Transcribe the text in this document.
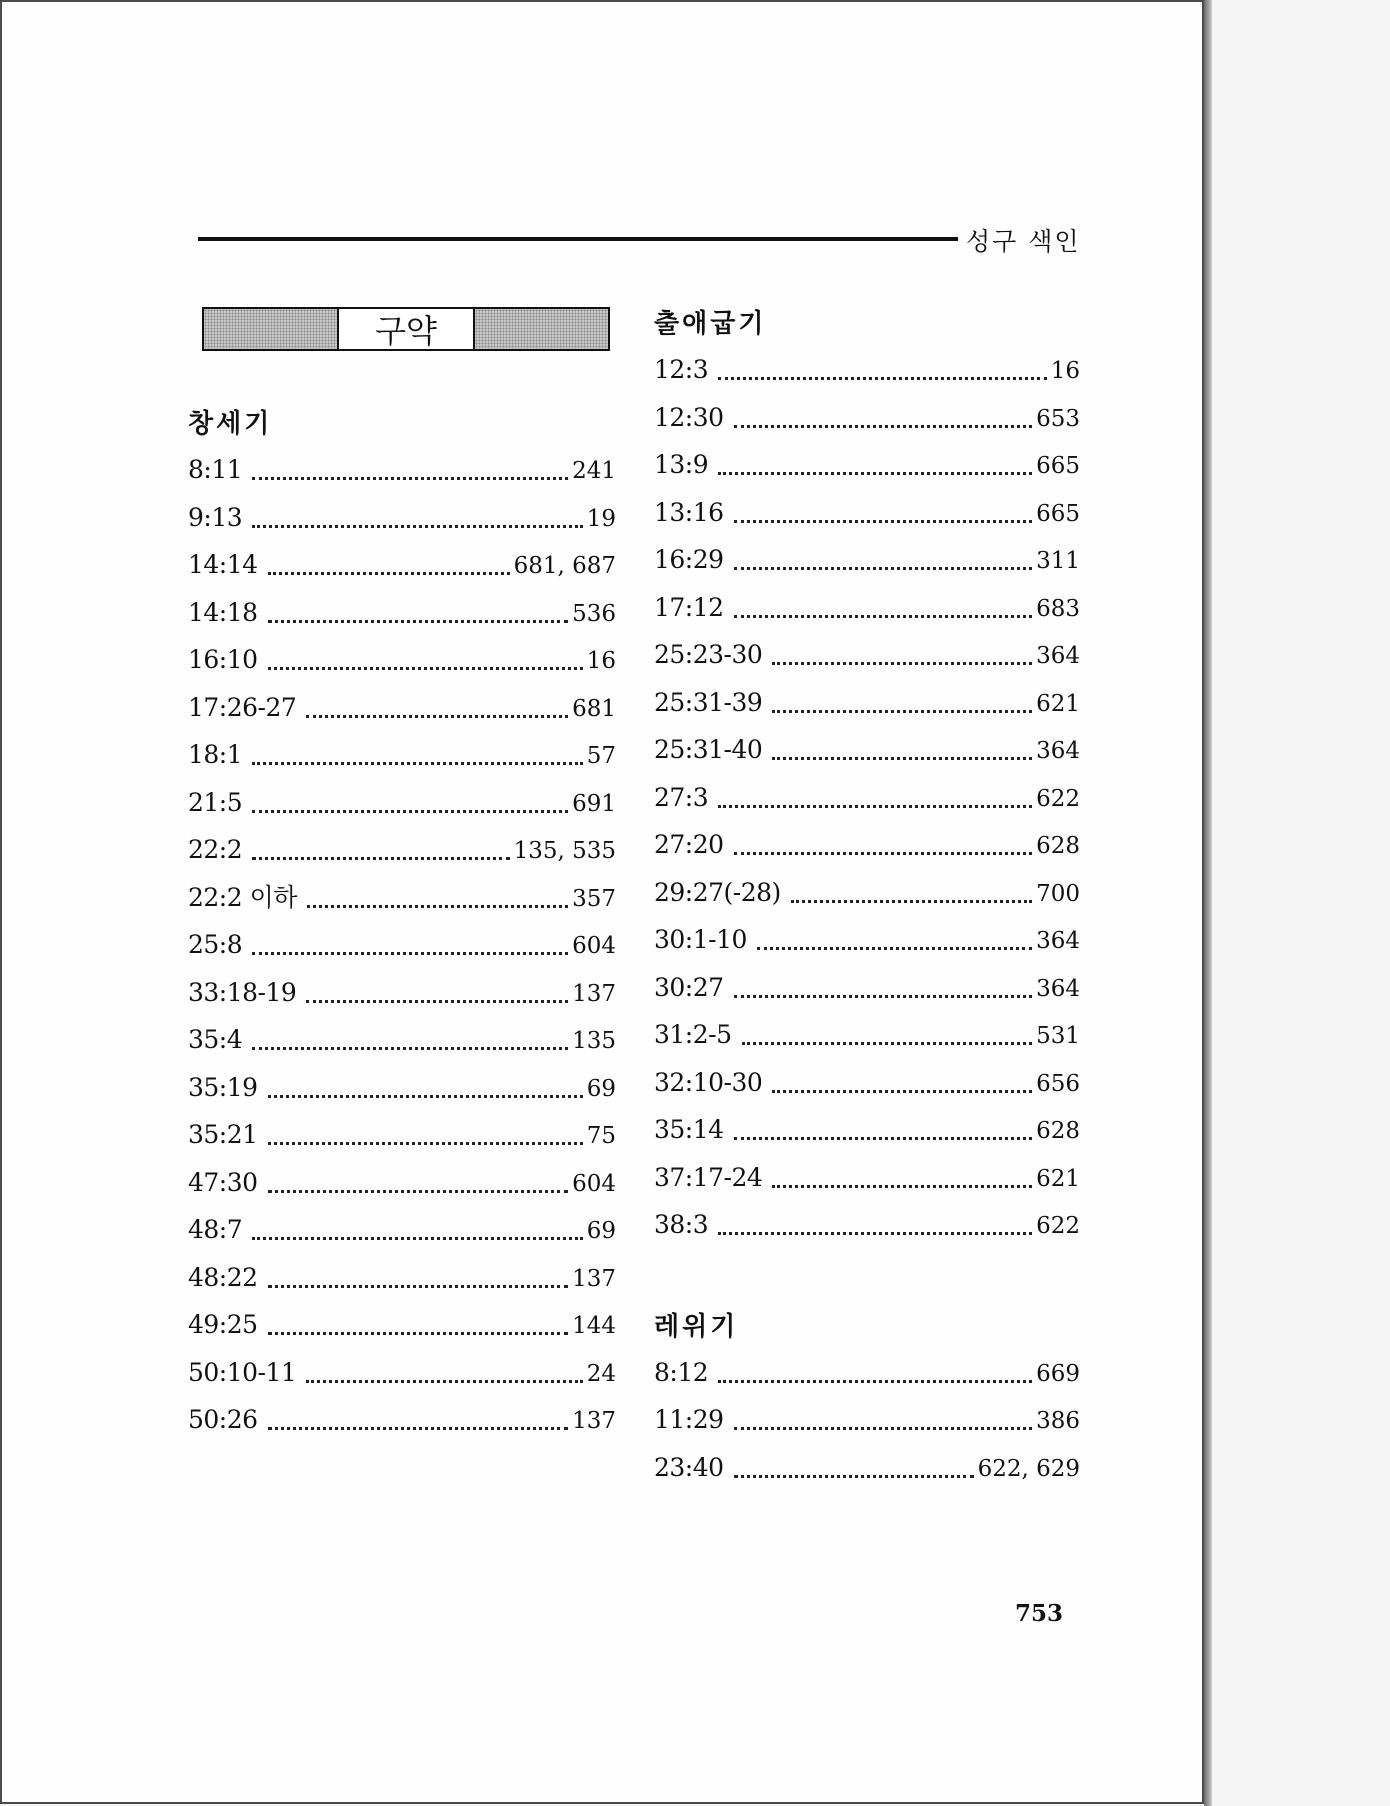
성구 색인
구약
창세기
8:11	241
9:13	19
14:14	681, 687
14:18	536
16:10	16
17:26-27	681
18:1	57
21:5	691
22:2	135, 535
22:2 이하	357
25:8	604
33:18-19	137
35:4	135
35:19	69
35:21	75
47:30	604
48:7	69
48:22	137
49:25	144
50:10-11	24
50:26	137
출애굽기
12:3	16
12:30	653
13:9	665
13:16	665
16:29	311
17:12	683
25:23-30	364
25:31-39	621
25:31-40	364
27:3	622
27:20	628
29:27(-28)	700
30:1-10	364
30:27	364
31:2-5	531
32:10-30	656
35:14	628
37:17-24	621
38:3	622
레위기
8:12	669
11:29	386
23:40	622, 629
753
